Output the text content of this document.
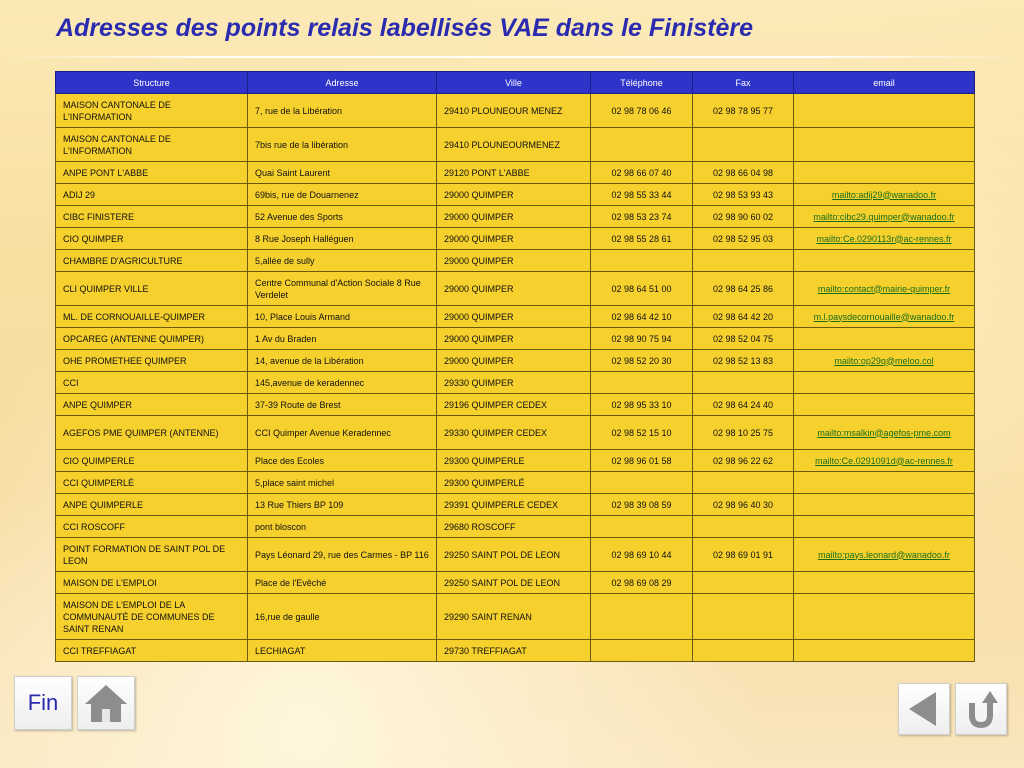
Adresses des points relais labellisés VAE dans le Finistère
Structure	Adresse	Ville	Téléphone	Fax	email
MAISON CANTONALE DE L'INFORMATION	7, rue de la Libération	29410 PLOUNEOUR MENEZ	02 98 78 06 46	02 98 78 95 77	
MAISON CANTONALE DE L'INFORMATION	7bis rue de la libération	29410 PLOUNEOURMENEZ			
ANPE PONT L'ABBE	Quai Saint Laurent	29120 PONT L'ABBE	02 98 66 07 40	02 98 66 04 98	
ADIJ 29	69bis, rue de Douarnenez	29000 QUIMPER	02 98 55 33 44	02 98 53 93 43	mailto:adij29@wanadoo.fr
CIBC FINISTERE	52 Avenue des Sports	29000 QUIMPER	02 98 53 23 74	02 98 90 60 02	mailto:cibc29.quimper@wanadoo.fr
CIO QUIMPER	8 Rue Joseph Halléguen	29000 QUIMPER	02 98 55 28 61	02 98 52 95 03	mailto:Ce.0290113r@ac-rennes.fr
CHAMBRE D'AGRICULTURE	5,allée de sully	29000 QUIMPER			
CLI QUIMPER VILLE	Centre Communal d'Action Sociale 8 Rue Verdelet	29000 QUIMPER	02 98 64 51 00	02 98 64 25 86	mailto:contact@mairie-quimper.fr
ML. DE CORNOUAILLE-QUIMPER	10, Place Louis Armand	29000 QUIMPER	02 98 64 42 10	02 98 64 42 20	m.l.paysdecornouaille@wanadoo.fr
OPCAREG (ANTENNE QUIMPER)	1 Av du Braden	29000 QUIMPER	02 98 90 75 94	02 98 52 04 75	
OHE PROMETHEE QUIMPER	14, avenue de la Libération	29000 QUIMPER	02 98 52 20 30	02 98 52 13 83	mailto:op29q@meloo.col
CCI	145,avenue de keradennec	29330 QUIMPER			
ANPE QUIMPER	37-39 Route de Brest	29196 QUIMPER CEDEX	02 98 95 33 10	02 98 64 24 40	
AGEFOS PME QUIMPER (ANTENNE)	CCI Quimper Avenue Keradennec	29330 QUIMPER CEDEX	02 98 52 15 10	02 98 10 25 75	mailto:msalkin@agefos-pme.com
CIO QUIMPERLE	Place des Ecoles	29300 QUIMPERLE	02 98 96 01 58	02 98 96 22 62	mailto:Ce.0291091d@ac-rennes.fr
CCI QUIMPERLÉ	5,place saint michel	29300 QUIMPERLÉ			
ANPE QUIMPERLE	13 Rue Thiers BP 109	29391 QUIMPERLE CEDEX	02 98 39 08 59	02 98 96 40 30	
CCI ROSCOFF	pont bloscon	29680 ROSCOFF			
POINT FORMATION DE SAINT POL DE LEON	Pays Léonard 29, rue des Carmes - BP 116	29250 SAINT POL DE LEON	02 98 69 10 44	02 98 69 01 91	mailto:pays.leonard@wanadoo.fr
MAISON DE L'EMPLOI	Place de l'Evêché	29250 SAINT POL DE LEON	02 98 69 08 29		
MAISON DE L'EMPLOI DE LA COMMUNAUTÉ DE COMMUNES DE SAINT RENAN	16,rue de gaulle	29290 SAINT RENAN			
CCI TREFFIAGAT	LECHIAGAT	29730 TREFFIAGAT			
Fin
